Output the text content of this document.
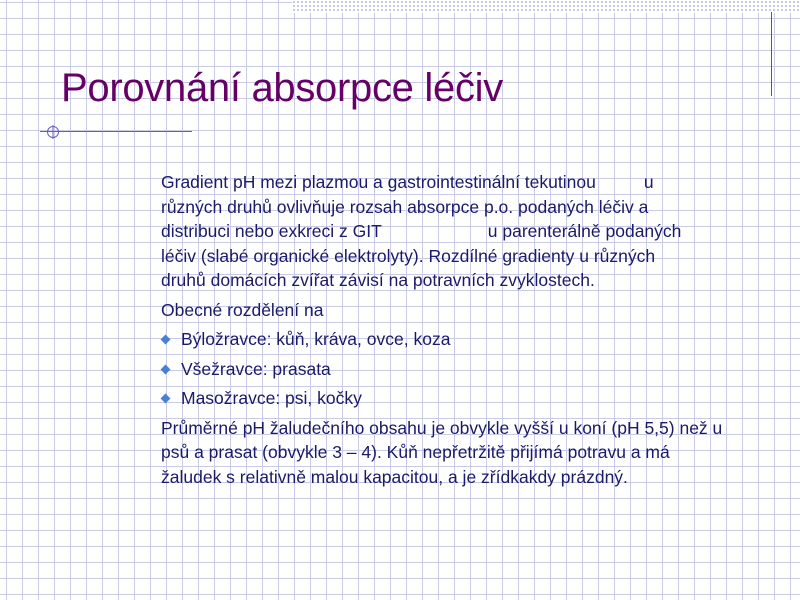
Porovnání absorpce léčiv
Gradient pH mezi plazmou a gastrointestinální tekutinou	u
různých druhů ovlivňuje rozsah absorpce p.o. podaných léčiv a
distribuci nebo exkreci z GIT	u parenterálně podaných
léčiv (slabé organické elektrolyty). Rozdílné gradienty u různých
druhů domácích zvířat závisí na potravních zvyklostech.
Obecné rozdělení na
Býložravce: kůň, kráva, ovce, koza
Všežravce: prasata
Masožravce: psi, kočky
Průměrné pH žaludečního obsahu je obvykle vyšší u koní (pH 5,5) než u
psů a prasat (obvykle 3 – 4). Kůň nepřetržitě přijímá potravu a má
žaludek s relativně malou kapacitou, a je zřídkakdy prázdný.
